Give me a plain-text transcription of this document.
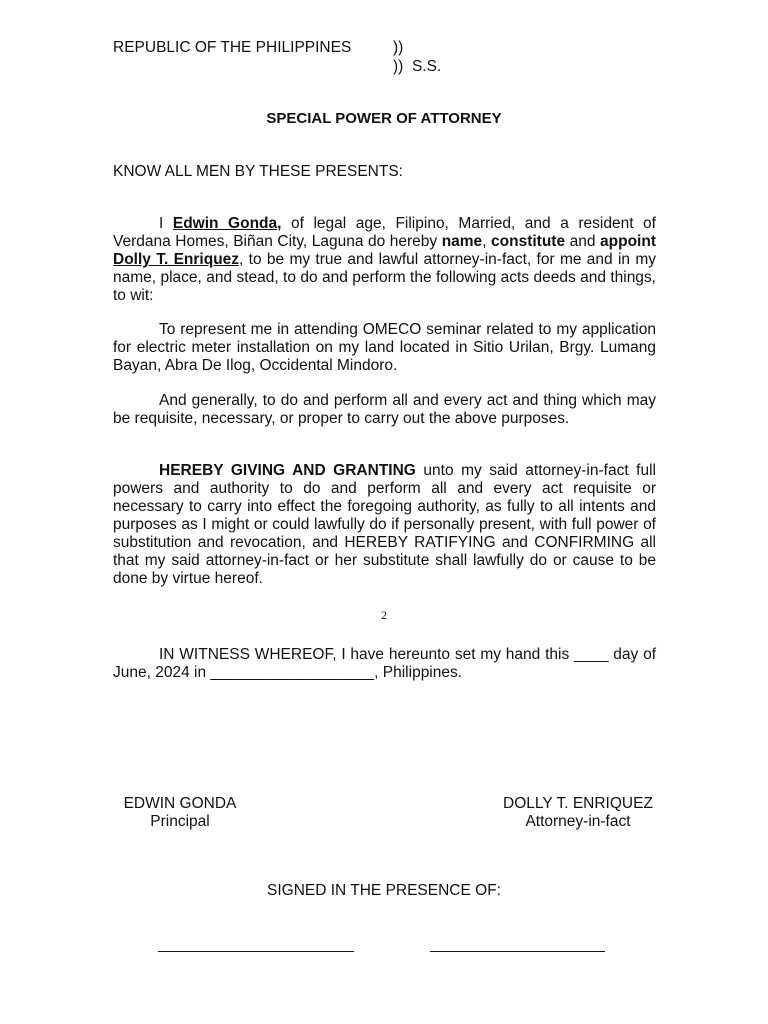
REPUBLIC OF THE PHILIPPINES	))
)) S.S.
SPECIAL POWER OF ATTORNEY
KNOW ALL MEN BY THESE PRESENTS:
I Edwin Gonda, of legal age, Filipino, Married, and a resident of Verdana Homes, Biñan City, Laguna do hereby name, constitute and appoint Dolly T. Enriquez, to be my true and lawful attorney-in-fact, for me and in my name, place, and stead, to do and perform the following acts deeds and things, to wit:
To represent me in attending OMECO seminar related to my application for electric meter installation on my land located in Sitio Urilan, Brgy. Lumang Bayan, Abra De Ilog, Occidental Mindoro.
And generally, to do and perform all and every act and thing which may be requisite, necessary, or proper to carry out the above purposes.
HEREBY GIVING AND GRANTING unto my said attorney-in-fact full powers and authority to do and perform all and every act requisite or necessary to carry into effect the foregoing authority, as fully to all intents and purposes as I might or could lawfully do if personally present, with full power of substitution and revocation, and HEREBY RATIFYING and CONFIRMING all that my said attorney-in-fact or her substitute shall lawfully do or cause to be done by virtue hereof.
2
IN WITNESS WHEREOF, I have hereunto set my hand this ____ day of June, 2024 in ___________________, Philippines.
EDWIN GONDA
Principal
DOLLY T. ENRIQUEZ
Attorney-in-fact
SIGNED IN THE PRESENCE OF:
